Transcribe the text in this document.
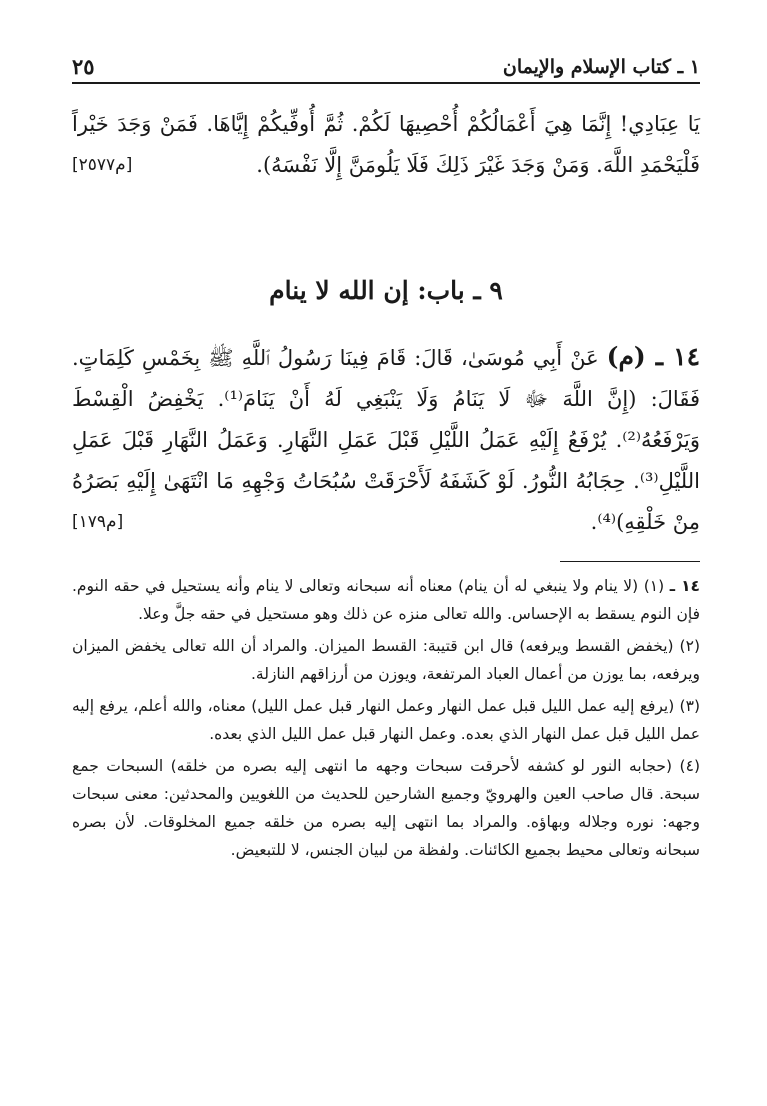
١ ـ كتاب الإسلام والإيمان
٢٥
يَا عِبَادِي! إِنَّمَا هِيَ أَعْمَالُكُمْ أُحْصِيهَا لَكُمْ. ثُمَّ أُوفِّيكُمْ إِيَّاهَا. فَمَنْ وَجَدَ خَيْراً فَلْيَحْمَدِ اللَّهَ. وَمَنْ وَجَدَ غَيْرَ ذَلِكَ فَلَا يَلُومَنَّ إِلَّا نَفْسَهُ).
[م٢٥٧٧]
٩ ـ باب: إن الله لا ينام
١٤ ـ (م) عَنْ أَبِي مُوسَىٰ، قَالَ: قَامَ فِينَا رَسُولُ ٱللَّهِ ﷺ بِخَمْسِ كَلِمَاتٍ. فَقَالَ: (إِنَّ اللَّهَ ﷻ لَا يَنَامُ وَلَا يَنْبَغِي لَهُ أَنْ يَنَامَ⁽¹⁾. يَخْفِضُ الْقِسْطَ وَيَرْفَعُهُ⁽²⁾. يُرْفَعُ إِلَيْهِ عَمَلُ اللَّيْلِ قَبْلَ عَمَلِ النَّهَارِ. وَعَمَلُ النَّهَارِ قَبْلَ عَمَلِ اللَّيْلِ⁽³⁾. حِجَابُهُ النُّورُ. لَوْ كَشَفَهُ لَأَحْرَقَتْ سُبُحَاتُ وَجْهِهِ مَا انْتَهَىٰ إِلَيْهِ بَصَرُهُ مِنْ خَلْقِهِ)⁽⁴⁾.
[م١٧٩]

١٤ ـ (١) (لا ينام ولا ينبغي له أن ينام) معناه أنه سبحانه وتعالى لا ينام وأنه يستحيل في حقه النوم. فإن النوم يسقط به الإحساس. والله تعالى منزه عن ذلك وهو مستحيل في حقه جلَّ وعلا.

(٢) (يخفض القسط ويرفعه) قال ابن قتيبة: القسط الميزان. والمراد أن الله تعالى يخفض الميزان ويرفعه، بما يوزن من أعمال العباد المرتفعة، ويوزن من أرزاقهم النازلة.

(٣) (يرفع إليه عمل الليل قبل عمل النهار وعمل النهار قبل عمل الليل) معناه، والله أعلم، يرفع إليه عمل الليل قبل عمل النهار الذي بعده. وعمل النهار قبل عمل الليل الذي بعده.

(٤) (حجابه النور لو كشفه لأحرقت سبحات وجهه ما انتهى إليه بصره من خلقه) السبحات جمع سبحة. قال صاحب العين والهرويّ وجميع الشارحين للحديث من اللغويين والمحدثين: معنى سبحات وجهه: نوره وجلاله وبهاؤه. والمراد بما انتهى إليه بصره من خلقه جميع المخلوقات. لأن بصره سبحانه وتعالى محيط بجميع الكائنات. ولفظة من لبيان الجنس، لا للتبعيض.
